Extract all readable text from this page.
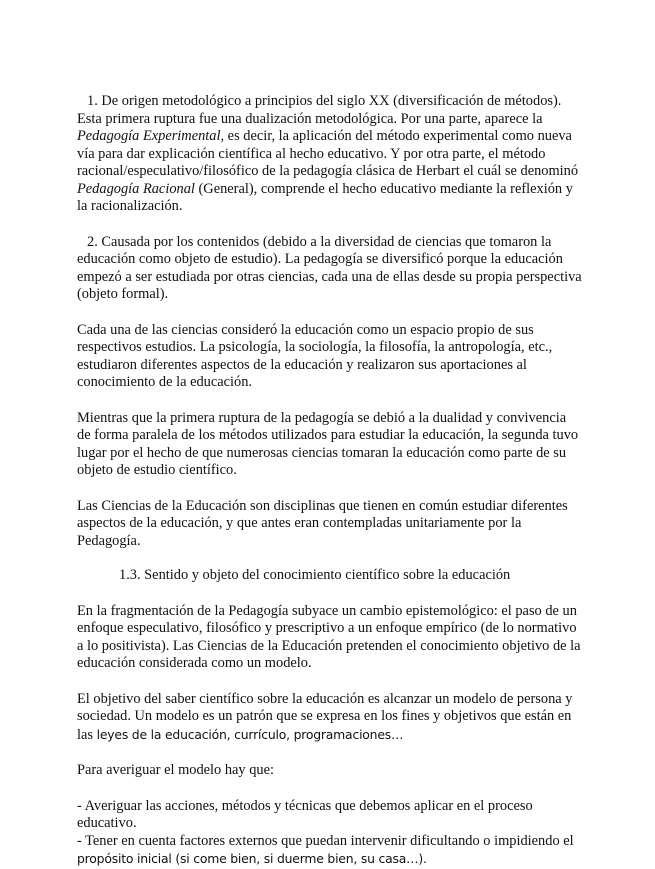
1. De origen metodológico a principios del siglo XX (diversificación de métodos). Esta primera ruptura fue una dualización metodológica. Por una parte, aparece la Pedagogía Experimental, es decir, la aplicación del método experimental como nueva vía para dar explicación científica al hecho educativo. Y por otra parte, el método racional/especulativo/filosófico de la pedagogía clásica de Herbart el cuál se denominó Pedagogía Racional (General), comprende el hecho educativo mediante la reflexión y la racionalización.

2. Causada por los contenidos (debido a la diversidad de ciencias que tomaron la educación como objeto de estudio). La pedagogía se diversificó porque la educación empezó a ser estudiada por otras ciencias, cada una de ellas desde su propia perspectiva (objeto formal).

Cada una de las ciencias consideró la educación como un espacio propio de sus respectivos estudios. La psicología, la sociología, la filosofía, la antropología, etc., estudiaron diferentes aspectos de la educación y realizaron sus aportaciones al conocimiento de la educación.

Mientras que la primera ruptura de la pedagogía se debió a la dualidad y convivencia de forma paralela de los métodos utilizados para estudiar la educación, la segunda tuvo lugar por el hecho de que numerosas ciencias tomaran la educación como parte de su objeto de estudio científico.

Las Ciencias de la Educación son disciplinas que tienen en común estudiar diferentes aspectos de la educación, y que antes eran contempladas unitariamente por la Pedagogía.

1.3. Sentido y objeto del conocimiento científico sobre la educación

En la fragmentación de la Pedagogía subyace un cambio epistemológico: el paso de un enfoque especulativo, filosófico y prescriptivo a un enfoque empírico (de lo normativo a lo positivista). Las Ciencias de la Educación pretenden el conocimiento objetivo de la educación considerada como un modelo.

El objetivo del saber científico sobre la educación es alcanzar un modelo de persona y sociedad. Un modelo es un patrón que se expresa en los fines y objetivos que están en las leyes de la educación, currículo, programaciones…

Para averiguar el modelo hay que:

- Averiguar las acciones, métodos y técnicas que debemos aplicar en el proceso educativo.

- Tener en cuenta factores externos que puedan intervenir dificultando o impidiendo el propósito inicial (si come bien, si duerme bien, su casa…).
